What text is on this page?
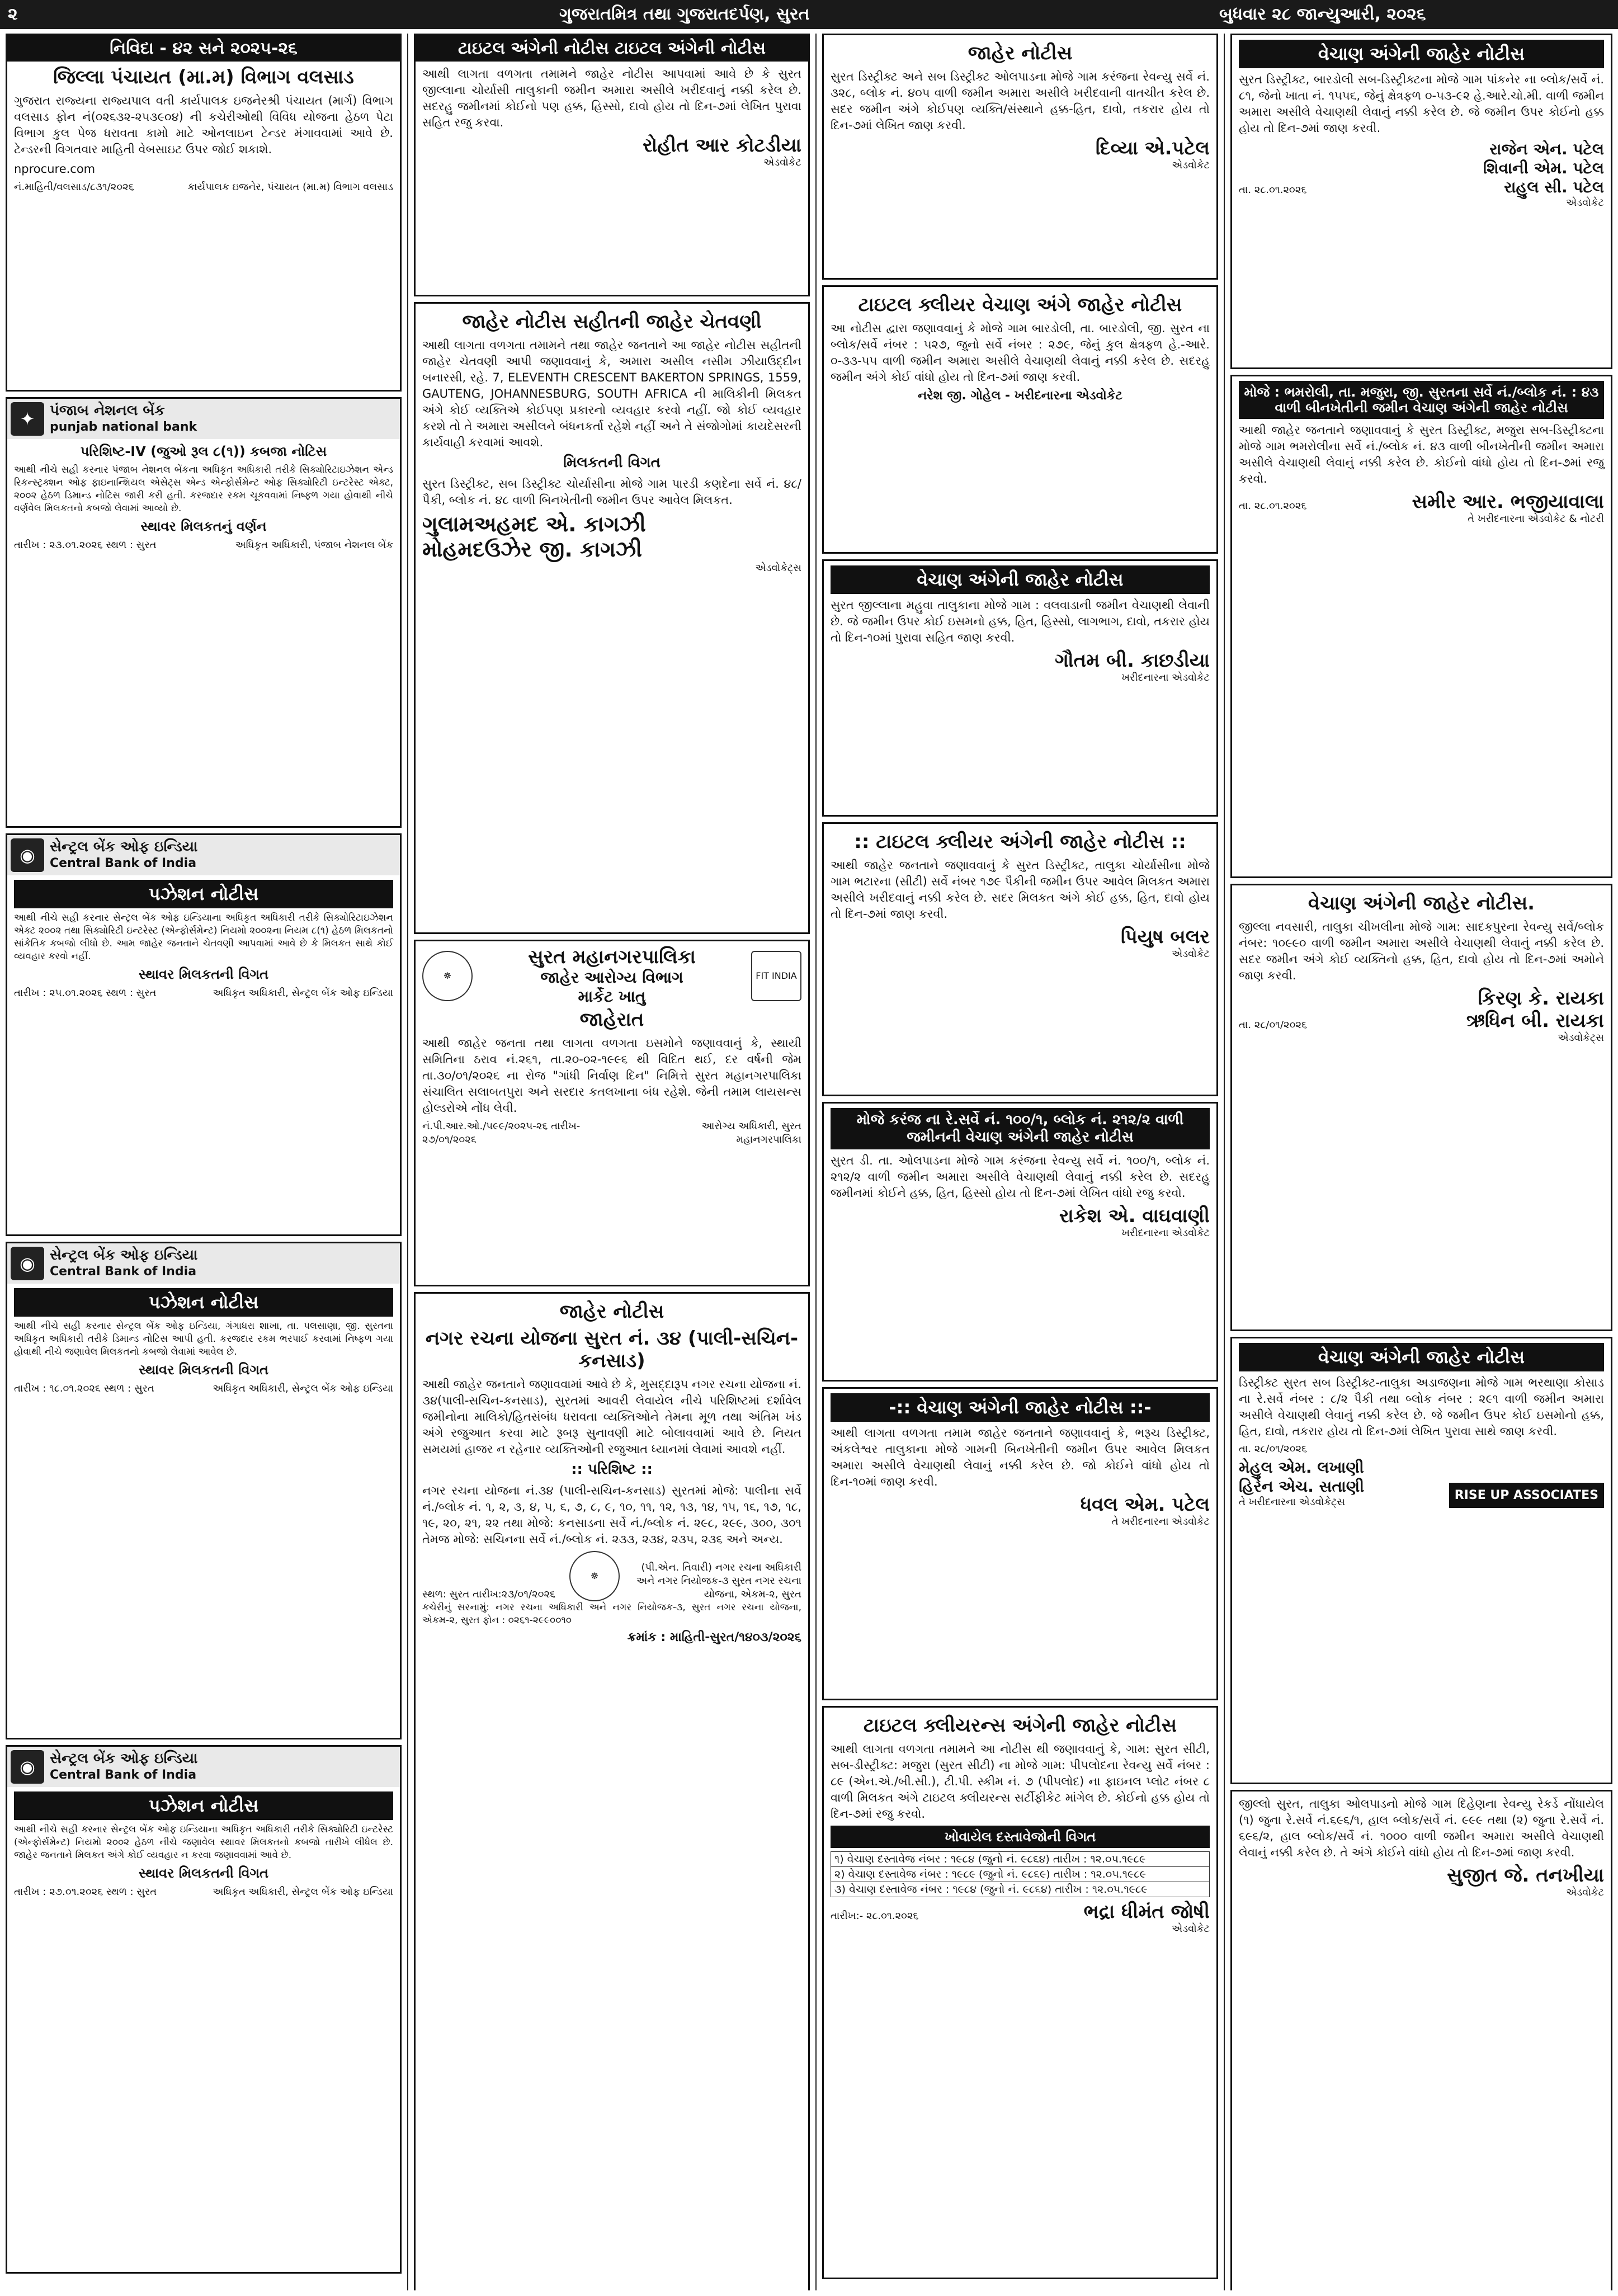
૨	ગુજરાતમિત્ર તથા ગુજરાતદર્પણ, સુરત	બુધવાર ૨૮ જાન્યુઆરી, ૨૦૨૬
નિવિદા - ૪૨ સને ૨૦૨૫-૨૬
જિલ્લા પંચાયત (મા.મ) વિભાગ વલસાડ

ગુજરાત રાજ્યના રાજ્યપાલ વતી કાર્યપાલક ઇજનેરશ્રી પંચાયત (માર્ગ) વિભાગ વલસાડ ફોન નં(૦૨૬૩૨-૨૫૩૯૦૪) ની કચેરીઓથી વિવિધ યોજના હેઠળ પેટા વિભાગ કુલ પેજ ધરાવતા કામો માટે ઓનલાઇન ટેન્ડર મંગાવવામાં આવે છે. ટેન્ડરની વિગતવાર માહિતી વેબસાઇટ ઉપર જોઈ શકાશે.

nprocure.com

નં.માહિતી/વલસાડ/૮૩૧/૨૦૨૬	કાર્યપાલક ઇજનેર, પંચાયત (મા.મ) વિભાગ વલસાડ
✦	પંજાબ નેશનલ બેંક
punjab national bank
પરિશિષ્ટ-IV (જુઓ રૂલ ૮(૧)) કબજા નોટિસ

આથી નીચે સહી કરનાર પંજાબ નેશનલ બેંકના અધિકૃત અધિકારી તરીકે સિક્યોરિટાઇઝેશન એન્ડ રિકન્સ્ટ્રક્શન ઓફ ફાઇનાન્શિયલ એસેટ્સ એન્ડ એન્ફોર્સમેન્ટ ઓફ સિક્યોરિટી ઇન્ટરેસ્ટ એક્ટ, ૨૦૦૨ હેઠળ ડિમાન્ડ નોટિસ જારી કરી હતી. કરજદાર રકમ ચૂકવવામાં નિષ્ફળ ગયા હોવાથી નીચે વર્ણવેલ મિલકતનો કબજો લેવામાં આવ્યો છે.

સ્થાવર મિલકતનું વર્ણન
તારીખ : ૨૩.૦૧.૨૦૨૬ સ્થળ : સુરત	અધિકૃત અધિકારી, પંજાબ નેશનલ બેંક
◉	સેન્ટ્રલ બેંક ઓફ ઇન્ડિયા
Central Bank of India
પઝેશન નોટીસ

આથી નીચે સહી કરનાર સેન્ટ્રલ બેંક ઓફ ઇન્ડિયાના અધિકૃત અધિકારી તરીકે સિક્યોરિટાઇઝેશન એક્ટ ૨૦૦૨ તથા સિક્યોરિટી ઇન્ટરેસ્ટ (એન્ફોર્સમેન્ટ) નિયમો ૨૦૦૨ના નિયમ ૮(૧) હેઠળ મિલકતનો સાંકેતિક કબજો લીધો છે. આમ જાહેર જનતાને ચેતવણી આપવામાં આવે છે કે મિલકત સાથે કોઈ વ્યવહાર કરવો નહીં.

સ્થાવર મિલકતની વિગત
તારીખ : ૨૫.૦૧.૨૦૨૬ સ્થળ : સુરત	અધિકૃત અધિકારી, સેન્ટ્રલ બેંક ઓફ ઇન્ડિયા
◉	સેન્ટ્રલ બેંક ઓફ ઇન્ડિયા
Central Bank of India
પઝેશન નોટીસ

આથી નીચે સહી કરનાર સેન્ટ્રલ બેંક ઓફ ઇન્ડિયા, ગંગાધરા શાખા, તા. પલસાણા, જી. સુરતના અધિકૃત અધિકારી તરીકે ડિમાન્ડ નોટિસ આપી હતી. કરજદાર રકમ ભરપાઈ કરવામાં નિષ્ફળ ગયા હોવાથી નીચે જણાવેલ મિલકતનો કબજો લેવામાં આવેલ છે.

સ્થાવર મિલકતની વિગત
તારીખ : ૧૮.૦૧.૨૦૨૬ સ્થળ : સુરત	અધિકૃત અધિકારી, સેન્ટ્રલ બેંક ઓફ ઇન્ડિયા
◉	સેન્ટ્રલ બેંક ઓફ ઇન્ડિયા
Central Bank of India
પઝેશન નોટીસ

આથી નીચે સહી કરનાર સેન્ટ્રલ બેંક ઓફ ઇન્ડિયાના અધિકૃત અધિકારી તરીકે સિક્યોરિટી ઇન્ટરેસ્ટ (એન્ફોર્સમેન્ટ) નિયમો ૨૦૦૨ હેઠળ નીચે જણાવેલ સ્થાવર મિલકતનો કબજો તારીખે લીધેલ છે. જાહેર જનતાને મિલકત અંગે કોઈ વ્યવહાર ન કરવા જણાવવામાં આવે છે.

સ્થાવર મિલકતની વિગત
તારીખ : ૨૭.૦૧.૨૦૨૬ સ્થળ : સુરત	અધિકૃત અધિકારી, સેન્ટ્રલ બેંક ઓફ ઇન્ડિયા
ટાઇટલ અંગેની નોટીસ ટાઇટલ અંગેની નોટીસ

આથી લાગતા વળગતા તમામને જાહેર નોટીસ આપવામાં આવે છે કે સુરત જીલ્લાના ચોર્યાસી તાલુકાની જમીન અમારા અસીલે ખરીદવાનું નક્કી કરેલ છે. સદરહુ જમીનમાં કોઈનો પણ હક્ક, હિસ્સો, દાવો હોય તો દિન-૭માં લેખિત પુરાવા સહિત રજુ કરવા.

રોહીત આર કોટડીયા
એડવોકેટ
જાહેર નોટીસ સહીતની જાહેર ચેતવણી

આથી લાગતા વળગતા તમામને તથા જાહેર જનતાને આ જાહેર નોટીસ સહીતની જાહેર ચેતવણી આપી જણાવવાનું કે, અમારા અસીલ નસીમ ઝીયાઉદ્દીન બનારસી, રહે. 7, ELEVENTH CRESCENT BAKERTON SPRINGS, 1559, GAUTENG, JOHANNESBURG, SOUTH AFRICA ની માલિકીની મિલકત અંગે કોઈ વ્યક્તિએ કોઈપણ પ્રકારનો વ્યવહાર કરવો નહીં. જો કોઈ વ્યવહાર કરશે તો તે અમારા અસીલને બંધનકર્તા રહેશે નહીં અને તે સંજોગોમાં કાયદેસરની કાર્યવાહી કરવામાં આવશે.

મિલકતની વિગત

સુરત ડિસ્ટ્રીક્ટ, સબ ડિસ્ટ્રીક્ટ ચોર્યાસીના મોજે ગામ પારડી કણદેના સર્વે નં. ૪૮/પૈકી, બ્લોક નં. ૪૮ વાળી બિનખેતીની જમીન ઉપર આવેલ મિલકત.

ગુલામઅહમદ એ. કાગઝી
મોહમદઉઝેર જી. કાગઝી
એડવોકેટ્સ
☸
સુરત મહાનગરપાલિકા
જાહેર આરોગ્ય વિભાગ
માર્કેટ ખાતુ
FIT INDIA
જાહેરાત

આથી જાહેર જનતા તથા લાગતા વળગતા ઇસમોને જણાવવાનું કે, સ્થાયી સમિતિના ઠરાવ નં.૨૬૧, તા.૨૦-૦૨-૧૯૯૬ થી વિદિત થઈ, દર વર્ષની જેમ તા.૩૦/૦૧/૨૦૨૬ ના રોજ "ગાંધી નિર્વાણ દિન" નિમિત્તે સુરત મહાનગરપાલિકા સંચાલિત સલાબતપુરા અને સરદાર કતલખાના બંધ રહેશે. જેની તમામ લાયસન્સ હોલ્ડરોએ નોંધ લેવી.

નં.પી.આર.ઓ./૫૯૯/૨૦૨૫-૨૬ તારીખ- ૨૭/૦૧/૨૦૨૬
આરોગ્ય અધિકારી, સુરત મહાનગરપાલિકા
જાહેર નોટીસ
નગર રચના યોજના સુરત નં. ૩૪ (પાલી-સચિન-કનસાડ)

આથી જાહેર જનતાને જણાવવામાં આવે છે કે, મુસદ્દારૂપ નગર રચના યોજના નં. ૩૪(પાલી-સચિન-કનસાડ), સુરતમાં આવરી લેવાયેલ નીચે પરિશિષ્ટમાં દર્શાવેલ જમીનોના માલિકો/હિતસંબંધ ધરાવતા વ્યક્તિઓને તેમના મૂળ તથા અંતિમ ખંડ અંગે રજુઆત કરવા માટે રૂબરૂ સુનાવણી માટે બોલાવવામાં આવે છે. નિયત સમયમાં હાજર ન રહેનાર વ્યક્તિઓની રજુઆત ધ્યાનમાં લેવામાં આવશે નહીં.

:: પરિશિષ્ટ ::

નગર રચના યોજના નં.૩૪ (પાલી-સચિન-કનસાડ) સુરતમાં મોજે: પાલીના સર્વે નં./બ્લોક નં. ૧, ૨, ૩, ૪, ૫, ૬, ૭, ૮, ૯, ૧૦, ૧૧, ૧૨, ૧૩, ૧૪, ૧૫, ૧૬, ૧૭, ૧૮, ૧૯, ૨૦, ૨૧, ૨૨ તથા મોજે: કનસાડના સર્વે નં./બ્લોક નં. ૨૯૮, ૨૯૯, ૩૦૦, ૩૦૧ તેમજ મોજે: સચિનના સર્વે નં./બ્લોક નં. ૨૩૩, ૨૩૪, ૨૩૫, ૨૩૬ અને અન્ય.

સ્થળ: સુરત તારીખ:૨૩/૦૧/૨૦૨૬
☸
(પી.એન. તિવારી) નગર રચના અધિકારી અને નગર નિયોજક-૩ સુરત નગર રચના યોજના, એકમ-૨, સુરત

કચેરીનું સરનામું: નગર રચના અધિકારી અને નગર નિયોજક-૩, સુરત નગર રચના યોજના, એકમ-૨, સુરત ફોન : ૦૨૬૧-૨૯૯૦૦૧૦

ક્રમાંક : માહિતી-સુરત/૧૪૦૩/૨૦૨૬
જાહેર નોટીસ

સુરત ડિસ્ટ્રીક્ટ અને સબ ડિસ્ટ્રીક્ટ ઓલપાડના મોજે ગામ કરંજના રેવન્યુ સર્વે નં. ૩૨૮, બ્લોક નં. ૪૦૫ વાળી જમીન અમારા અસીલે ખરીદવાની વાતચીત કરેલ છે. સદર જમીન અંગે કોઈપણ વ્યક્તિ/સંસ્થાને હક્ક-હિત, દાવો, તકરાર હોય તો દિન-૭માં લેખિત જાણ કરવી.

દિવ્યા એ.પટેલ
એડવોકેટ
ટાઇટલ ક્લીયર વેચાણ અંગે જાહેર નોટીસ

આ નોટીસ દ્વારા જણાવવાનું કે મોજે ગામ બારડોલી, તા. બારડોલી, જી. સુરત ના બ્લોક/સર્વે નંબર : ૫૨૭, જુનો સર્વે નંબર : ૨૭૯, જેનું કુલ ક્ષેત્રફળ હે.-આરે. ૦-૩૩-૫૫ વાળી જમીન અમારા અસીલે વેચાણથી લેવાનું નક્કી કરેલ છે. સદરહુ જમીન અંગે કોઈ વાંધો હોય તો દિન-૭માં જાણ કરવી.

નરેશ જી. ગોહેલ - ખરીદનારના એડવોકેટ
વેચાણ અંગેની જાહેર નોટીસ

સુરત જીલ્લાના મહુવા તાલુકાના મોજે ગામ : વલવાડાની જમીન વેચાણથી લેવાની છે. જે જમીન ઉપર કોઈ ઇસમનો હક્ક, હિત, હિસ્સો, લાગભાગ, દાવો, તકરાર હોય તો દિન-૧૦માં પુરાવા સહિત જાણ કરવી.

ગૌતમ બી. કાછડીયા
ખરીદનારના એડવોકેટ
:: ટાઇટલ ક્લીયર અંગેની જાહેર નોટીસ ::

આથી જાહેર જનતાને જણાવવાનું કે સુરત ડિસ્ટ્રીક્ટ, તાલુકા ચોર્યાસીના મોજે ગામ ભટારના (સીટી) સર્વે નંબર ૧૭૯ પૈકીની જમીન ઉપર આવેલ મિલકત અમારા અસીલે ખરીદવાનું નક્કી કરેલ છે. સદર મિલકત અંગે કોઈ હક્ક, હિત, દાવો હોય તો દિન-૭માં જાણ કરવી.

પિયુષ બલર
એડવોકેટ
મોજે કરંજ ના રે.સર્વે નં. ૧૦૦/૧, બ્લોક નં. ૨૧૨/૨ વાળી જમીનની વેચાણ અંગેની જાહેર નોટીસ

સુરત ડી. તા. ઓલપાડના મોજે ગામ કરંજના રેવન્યુ સર્વે નં. ૧૦૦/૧, બ્લોક નં. ૨૧૨/૨ વાળી જમીન અમારા અસીલે વેચાણથી લેવાનું નક્કી કરેલ છે. સદરહુ જમીનમાં કોઈને હક્ક, હિત, હિસ્સો હોય તો દિન-૭માં લેખિત વાંધો રજુ કરવો.

રાકેશ એ. વાઘવાણી
ખરીદનારના એડવોકેટ
-:: વેચાણ અંગેની જાહેર નોટીસ ::-

આથી લાગતા વળગતા તમામ જાહેર જનતાને જણાવવાનું કે, ભરૂચ ડિસ્ટ્રીક્ટ, અંકલેશ્વર તાલુકાના મોજે ગામની બિનખેતીની જમીન ઉપર આવેલ મિલકત અમારા અસીલે વેચાણથી લેવાનું નક્કી કરેલ છે. જો કોઈને વાંધો હોય તો દિન-૧૦માં જાણ કરવી.

ધવલ એમ. પટેલ
તે ખરીદનારના એડવોકેટ
ટાઇટલ ક્લીયરન્સ અંગેની જાહેર નોટીસ

આથી લાગતા વળગતા તમામને આ નોટીસ થી જણાવવાનું કે, ગામ: સુરત સીટી, સબ-ડીસ્ટ્રીક્ટ: મજુરા (સુરત સીટી) ના મોજે ગામ: પીપલોદના રેવન્યુ સર્વે નંબર : ૮૯ (એન.એ./બી.સી.), ટી.પી. સ્કીમ નં. ૭ (પીપલોદ) ના ફાઇનલ પ્લોટ નંબર ૮ વાળી મિલકત અંગે ટાઇટલ ક્લીયરન્સ સર્ટીફીકેટ માંગેલ છે. કોઈનો હક્ક હોય તો દિન-૭માં રજુ કરવો.

ખોવાયેલ દસ્તાવેજોની વિગત
૧) વેચાણ દસ્તાવેજ નંબર : ૧૯૮૪ (જુનો નં. ૯૮૬૪) તારીખ : ૧૨.૦૫.૧૯૮૯
૨) વેચાણ દસ્તાવેજ નંબર : ૧૯૮૯ (જુનો નં. ૯૮૬૯) તારીખ : ૧૨.૦૫.૧૯૮૯
૩) વેચાણ દસ્તાવેજ નંબર : ૧૯૮૪ (જુનો નં. ૯૮૬૪) તારીખ : ૧૨.૦૫.૧૯૮૯
તારીખ:- ૨૮.૦૧.૨૦૨૬	ભદ્રા ધીમંત જોષી
એડવોકેટ
વેચાણ અંગેની જાહેર નોટીસ

સુરત ડિસ્ટ્રીક્ટ, બારડોલી સબ-ડિસ્ટ્રીક્ટના મોજે ગામ પાંકનેર ના બ્લોક/સર્વે નં. ૮૧, જેનો ખાતા નં. ૧૫૫૬, જેનું ક્ષેત્રફળ ૦-૫૩-૯૨ હે.આરે.ચો.મી. વાળી જમીન અમારા અસીલે વેચાણથી લેવાનું નક્કી કરેલ છે. જે જમીન ઉપર કોઈનો હક્ક હોય તો દિન-૭માં જાણ કરવી.

તા. ૨૮.૦૧.૨૦૨૬
રાજેન એન. પટેલ
શિવાની એમ. પટેલ
રાહુલ સી. પટેલ
એડવોકેટ
મોજે : ભમરોલી, તા. મજુરા, જી. સુરતના સર્વે નં./બ્લોક નં. : ૪૩ વાળી બીનખેતીની જમીન વેચાણ અંગેની જાહેર નોટીસ

આથી જાહેર જનતાને જણાવવાનું કે સુરત ડિસ્ટ્રીક્ટ, મજુરા સબ-ડિસ્ટ્રીક્ટના મોજે ગામ ભમરોલીના સર્વે નં./બ્લોક નં. ૪૩ વાળી બીનખેતીની જમીન અમારા અસીલે વેચાણથી લેવાનું નક્કી કરેલ છે. કોઈનો વાંધો હોય તો દિન-૭માં રજુ કરવો.

તા. ૨૮.૦૧.૨૦૨૬	સમીર આર. ભજીયાવાલા
તે ખરીદનારના એડવોકેટ & નોટરી
વેચાણ અંગેની જાહેર નોટીસ.

જીલ્લા નવસારી, તાલુકા ચીખલીના મોજે ગામ: સાદકપુરના રેવન્યુ સર્વે/બ્લોક નંબર: ૧૦૯૯૦ વાળી જમીન અમારા અસીલે વેચાણથી લેવાનું નક્કી કરેલ છે. સદર જમીન અંગે કોઈ વ્યક્તિનો હક્ક, હિત, દાવો હોય તો દિન-૭માં અમોને જાણ કરવી.

તા. ૨૮/૦૧/૨૦૨૬
કિરણ કે. રાયકા
ઋધિન બી. રાયકા
એડવોકેટ્સ
વેચાણ અંગેની જાહેર નોટીસ

ડિસ્ટ્રીક્ટ સુરત સબ ડિસ્ટ્રીક્ટ-તાલુકા અડાજણના મોજે ગામ ભરથાણા કોસાડ ના રે.સર્વે નંબર : ૮/૨ પૈકી તથા બ્લોક નંબર : ૨૯૧ વાળી જમીન અમારા અસીલે વેચાણથી લેવાનું નક્કી કરેલ છે. જે જમીન ઉપર કોઈ ઇસમોનો હક્ક, હિત, દાવો, તકરાર હોય તો દિન-૭માં લેખિત પુરાવા સાથે જાણ કરવી.

તા. ૨૮/૦૧/૨૦૨૬
મેહુલ એમ. લખાણી
હિરેન એચ. સતાણી
તે ખરીદનારના એડવોકેટ્સ	RISE UP ASSOCIATES

જીલ્લો સુરત, તાલુકા ઓલપાડનો મોજે ગામ દિહેણના રેવન્યુ રેકર્ડે નોંધાયેલ (૧) જુના રે.સર્વે નં.૬૯૬/૧, હાલ બ્લોક/સર્વે નં. ૯૯૯ તથા (૨) જુના રે.સર્વે નં. ૬૯૬/૨, હાલ બ્લોક/સર્વે નં. ૧૦૦૦ વાળી જમીન અમારા અસીલે વેચાણથી લેવાનું નક્કી કરેલ છે. તે અંગે કોઈને વાંધો હોય તો દિન-૭માં જાણ કરવી.

સુજીત જે. તનખીયા
એડવોકેટ
